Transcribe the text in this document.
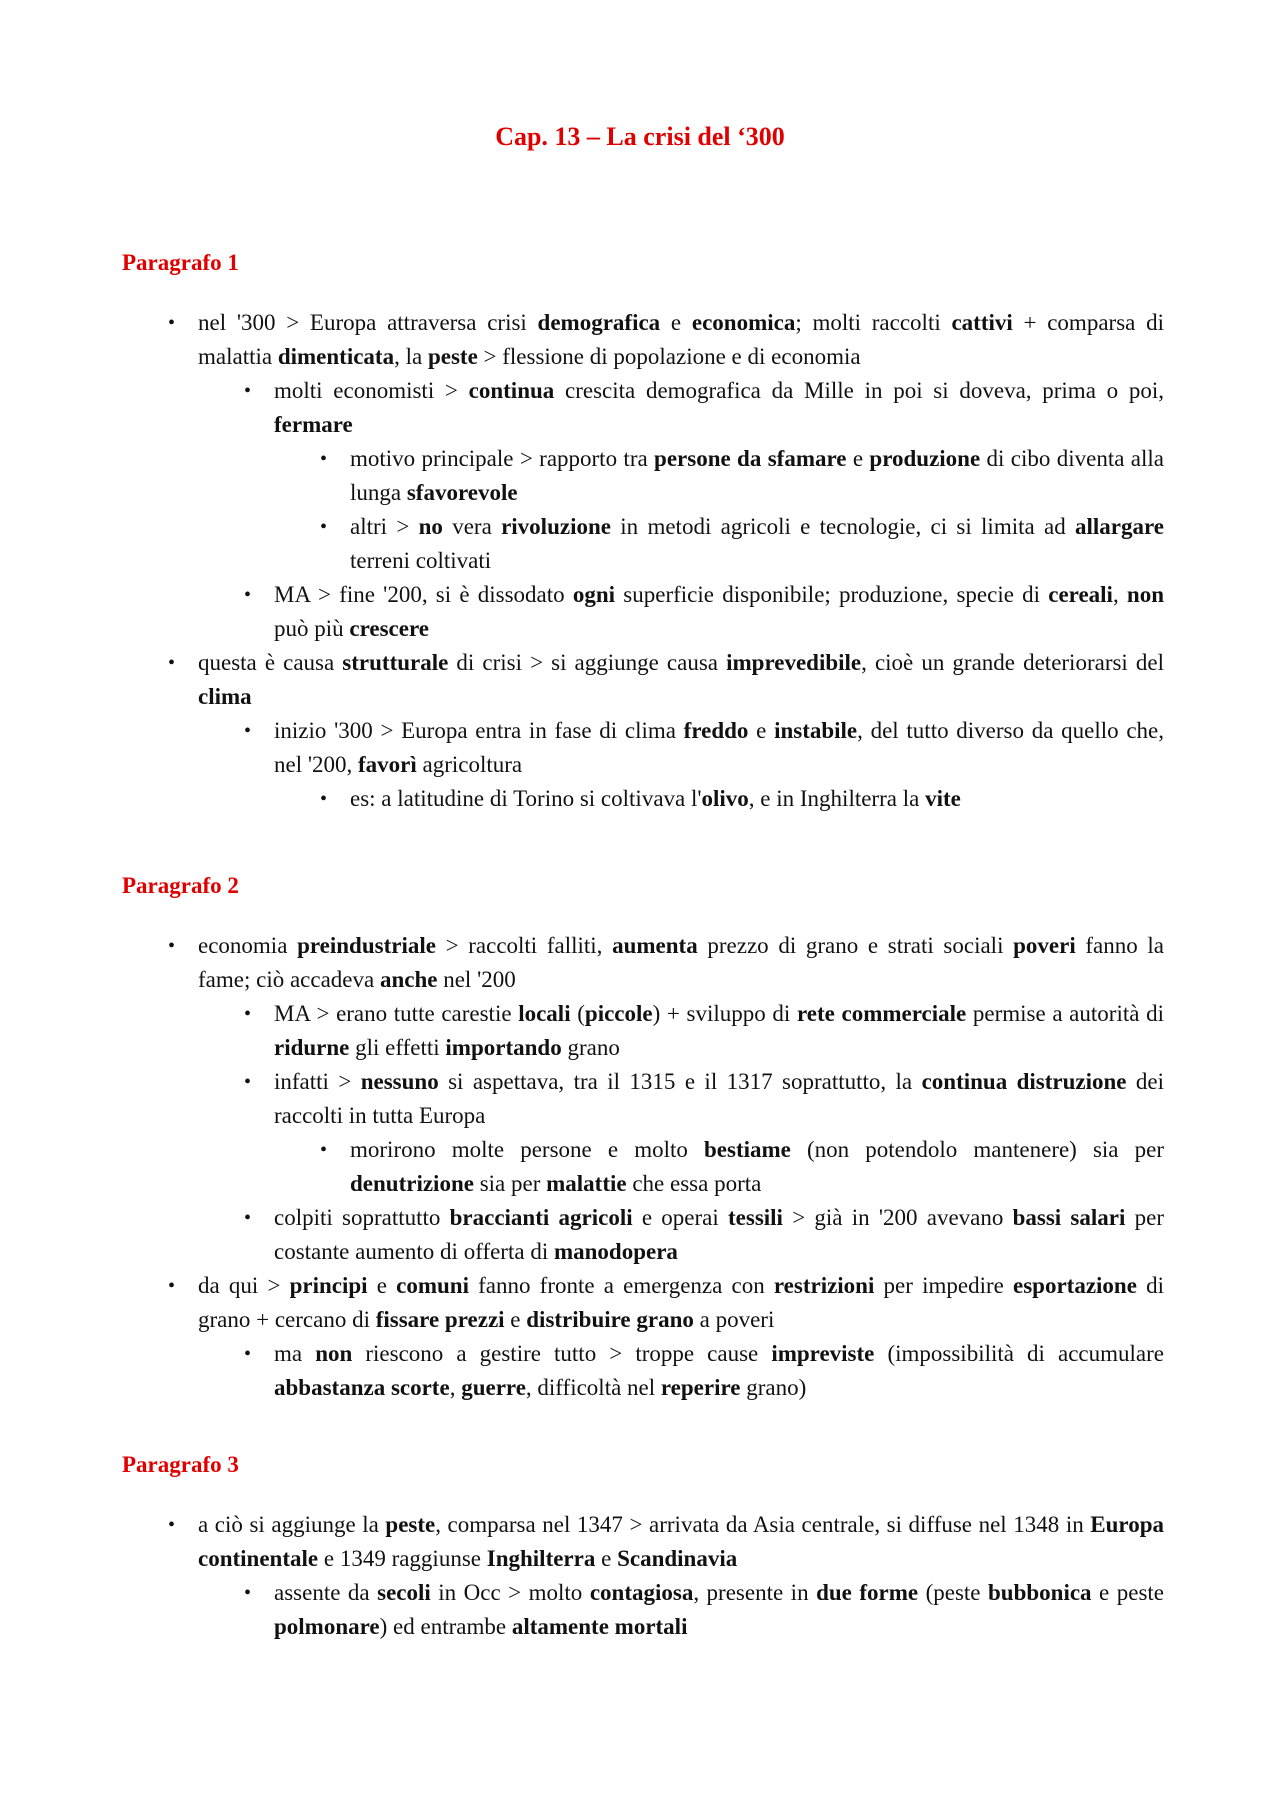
Cap. 13 – La crisi del ‘300
Paragrafo 1
• nel '300 > Europa attraversa crisi demografica e economica; molti raccolti cattivi + comparsa di malattia dimenticata, la peste > flessione di popolazione e di economia
• molti economisti > continua crescita demografica da Mille in poi si doveva, prima o poi, fermare
• motivo principale > rapporto tra persone da sfamare e produzione di cibo diventa alla lunga sfavorevole
• altri > no vera rivoluzione in metodi agricoli e tecnologie, ci si limita ad allargare terreni coltivati
• MA > fine '200, si è dissodato ogni superficie disponibile; produzione, specie di cereali, non può più crescere
• questa è causa strutturale di crisi > si aggiunge causa imprevedibile, cioè un grande deteriorarsi del clima
• inizio '300 > Europa entra in fase di clima freddo e instabile, del tutto diverso da quello che, nel '200, favorì agricoltura
• es: a latitudine di Torino si coltivava l'olivo, e in Inghilterra la vite
Paragrafo 2
• economia preindustriale > raccolti falliti, aumenta prezzo di grano e strati sociali poveri fanno la fame; ciò accadeva anche nel '200
• MA > erano tutte carestie locali (piccole) + sviluppo di rete commerciale permise a autorità di ridurne gli effetti importando grano
• infatti > nessuno si aspettava, tra il 1315 e il 1317 soprattutto, la continua distruzione dei raccolti in tutta Europa
• morirono molte persone e molto bestiame (non potendolo mantenere) sia per denutrizione sia per malattie che essa porta
• colpiti soprattutto braccianti agricoli e operai tessili > già in '200 avevano bassi salari per costante aumento di offerta di manodopera
• da qui > principi e comuni fanno fronte a emergenza con restrizioni per impedire esportazione di grano + cercano di fissare prezzi e distribuire grano a poveri
• ma non riescono a gestire tutto > troppe cause impreviste (impossibilità di accumulare abbastanza scorte, guerre, difficoltà nel reperire grano)
Paragrafo 3
• a ciò si aggiunge la peste, comparsa nel 1347 > arrivata da Asia centrale, si diffuse nel 1348 in Europa continentale e 1349 raggiunse Inghilterra e Scandinavia
• assente da secoli in Occ > molto contagiosa, presente in due forme (peste bubbonica e peste polmonare) ed entrambe altamente mortali
